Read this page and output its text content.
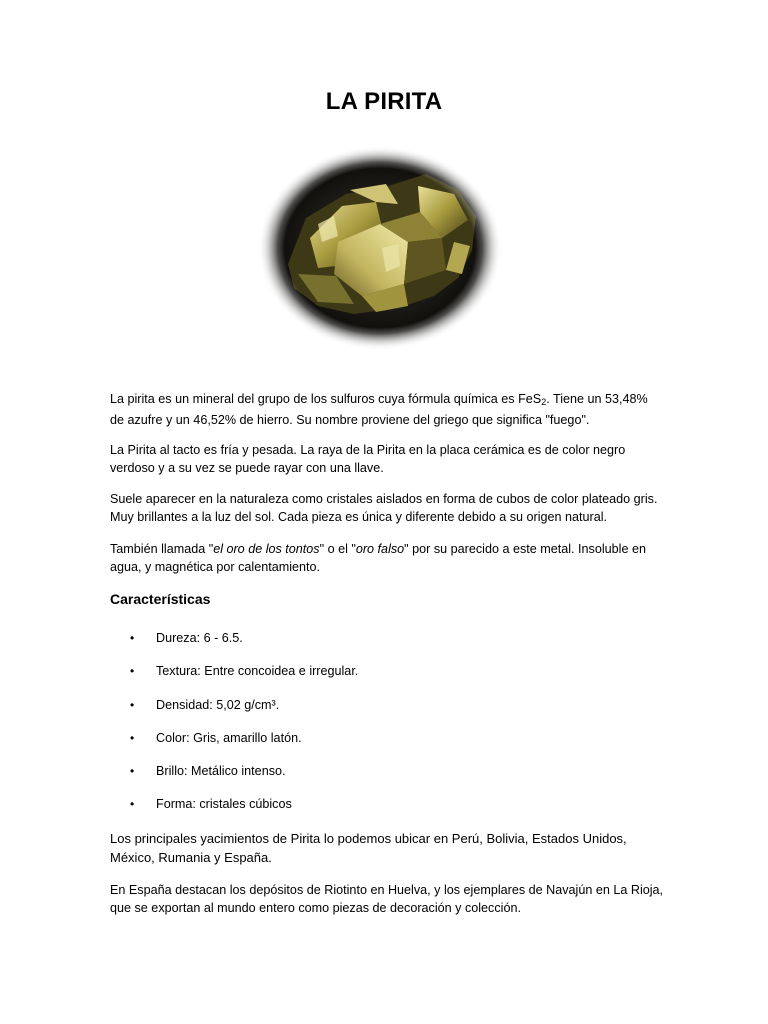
LA PIRITA

La pirita es un mineral del grupo de los sulfuros cuya fórmula química es FeS$_2$. Tiene un 53,48% de azufre y un 46,52% de hierro. Su nombre proviene del griego que significa "fuego".

La Pirita al tacto es fría y pesada. La raya de la Pirita en la placa cerámica es de color negro verdoso y a su vez se puede rayar con una llave.

Suele aparecer en la naturaleza como cristales aislados en forma de cubos de color plateado gris. Muy brillantes a la luz del sol. Cada pieza es única y diferente debido a su origen natural.

También llamada "el oro de los tontos" o el "oro falso" por su parecido a este metal. Insoluble en agua, y magnética por calentamiento.

Características
• Dureza: 6 - 6.5.
• Textura: Entre concoidea e irregular.
• Densidad: 5,02 g/cm³.
• Color: Gris, amarillo latón.
• Brillo: Metálico intenso.
• Forma: cristales cúbicos

Los principales yacimientos de Pirita lo podemos ubicar en Perú, Bolivia, Estados Unidos, México, Rumania y España.

En España destacan los depósitos de Riotinto en Huelva, y los ejemplares de Navajún en La Rioja, que se exportan al mundo entero como piezas de decoración y colección.
